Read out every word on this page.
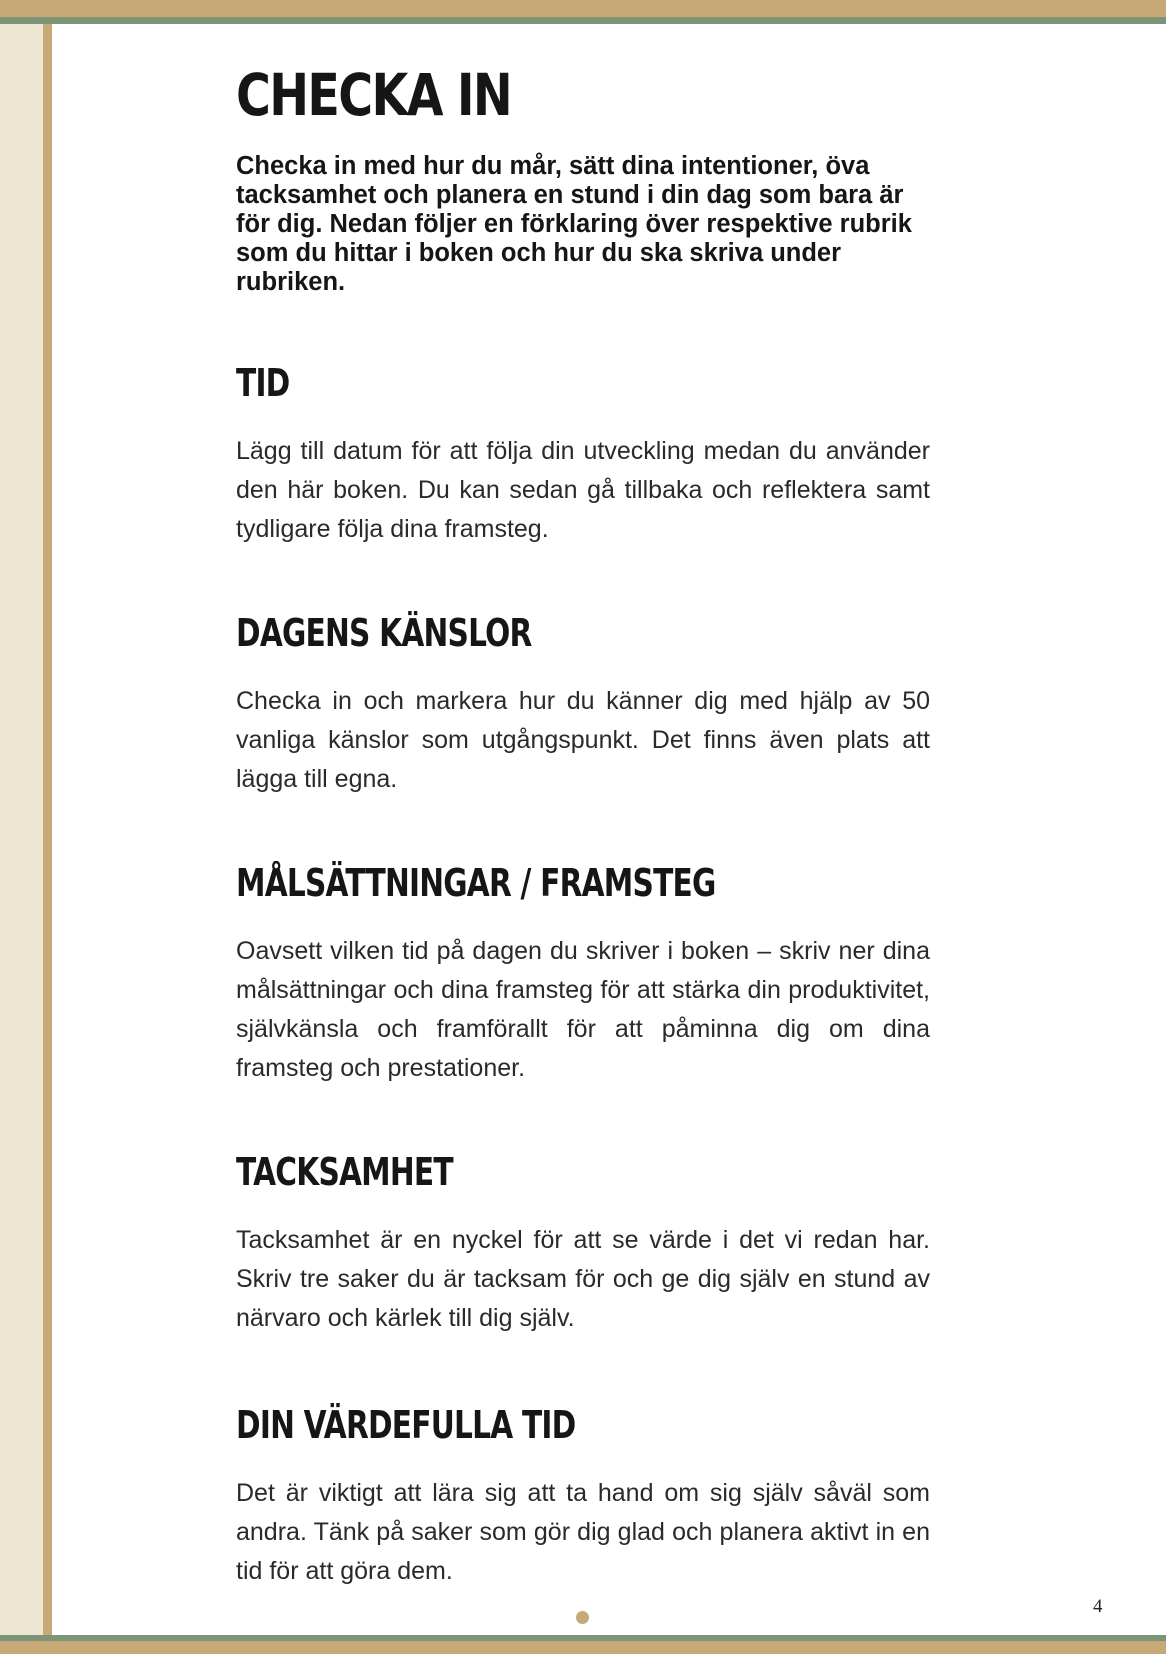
CHECKA IN

Checka in med hur du mår, sätt dina intentioner, öva tacksamhet och planera en stund i din dag som bara är för dig. Nedan följer en förklaring över respektive rubrik som du hittar i boken och hur du ska skriva under rubriken.

TID

Lägg till datum för att följa din utveckling medan du använder den här boken. Du kan sedan gå tillbaka och reflektera samt tydligare följa dina framsteg.

DAGENS KÄNSLOR

Checka in och markera hur du känner dig med hjälp av 50 vanliga känslor som utgångspunkt. Det finns även plats att lägga till egna.

MÅLSÄTTNINGAR / FRAMSTEG

Oavsett vilken tid på dagen du skriver i boken – skriv ner dina målsättningar och dina framsteg för att stärka din produktivitet, självkänsla och framförallt för att påminna dig om dina framsteg och prestationer.

TACKSAMHET

Tacksamhet är en nyckel för att se värde i det vi redan har. Skriv tre saker du är tacksam för och ge dig själv en stund av närvaro och kärlek till dig själv.

DIN VÄRDEFULLA TID

Det är viktigt att lära sig att ta hand om sig själv såväl som andra. Tänk på saker som gör dig glad och planera aktivt in en tid för att göra dem.

4
